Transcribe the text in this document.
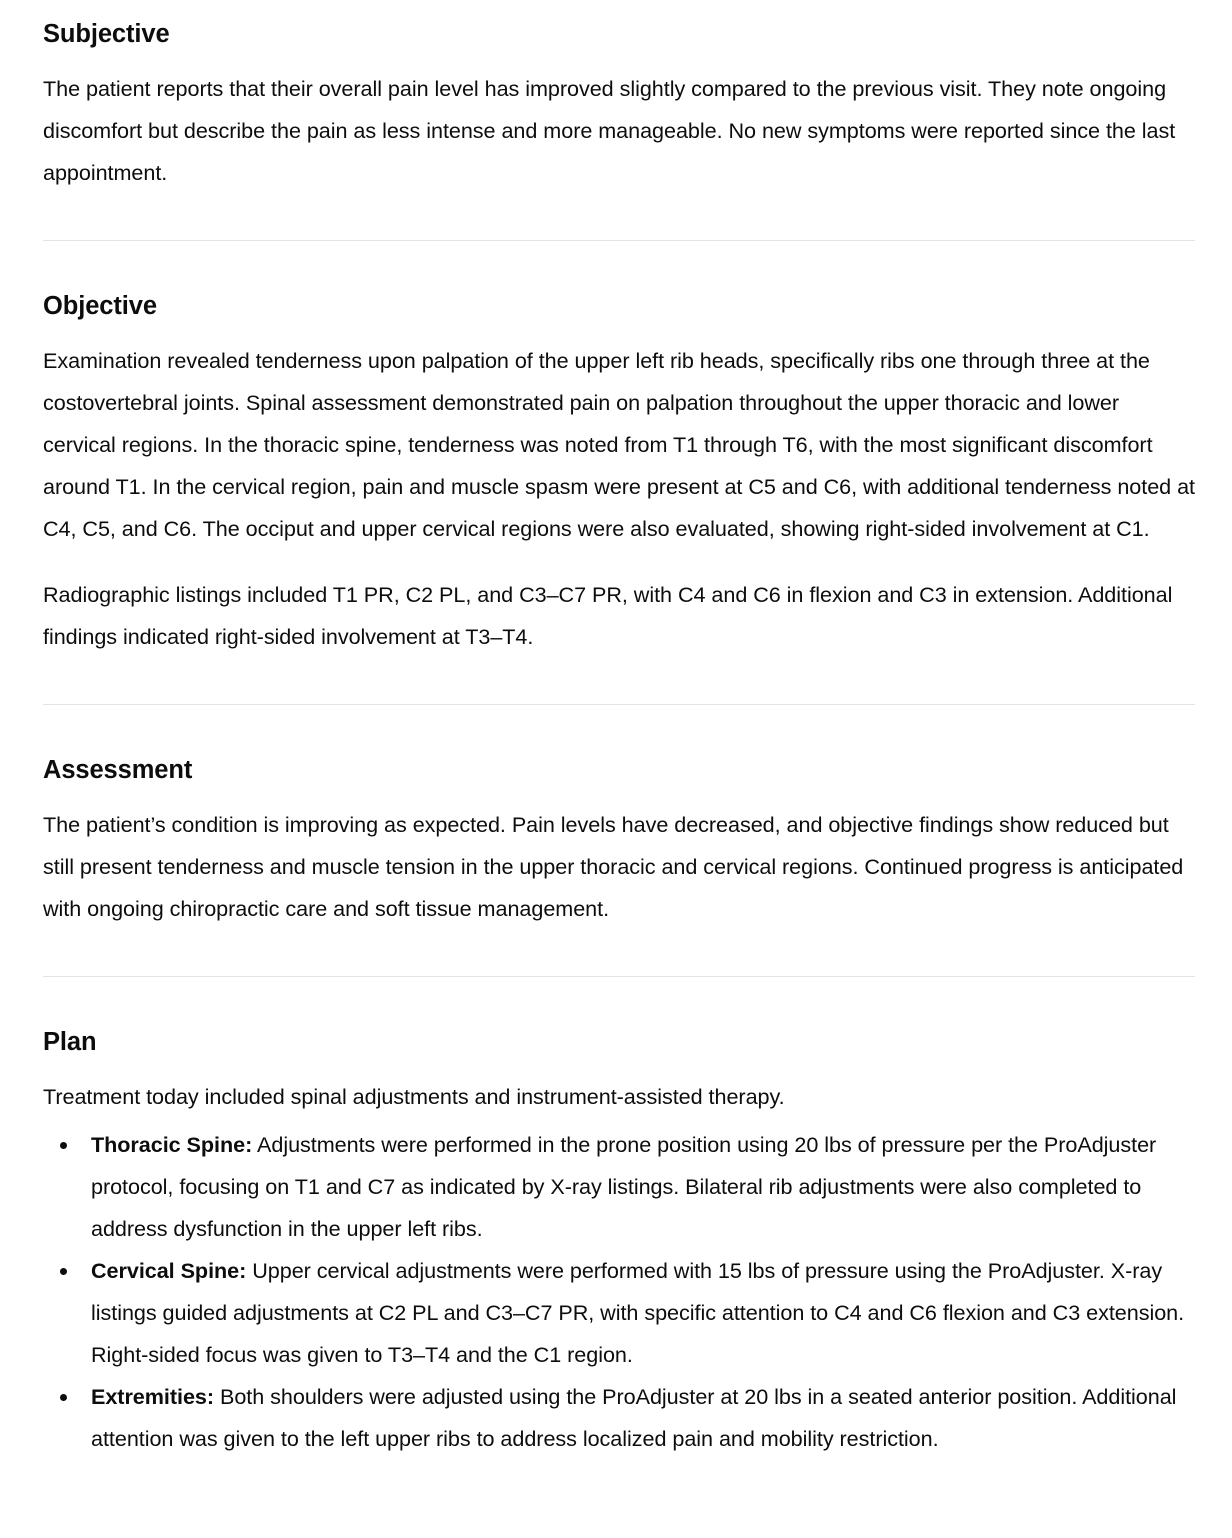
Subjective

The patient reports that their overall pain level has improved slightly compared to the previous visit. They note ongoing discomfort but describe the pain as less intense and more manageable. No new symptoms were reported since the last appointment.

Objective

Examination revealed tenderness upon palpation of the upper left rib heads, specifically ribs one through three at the costovertebral joints. Spinal assessment demonstrated pain on palpation throughout the upper thoracic and lower cervical regions. In the thoracic spine, tenderness was noted from T1 through T6, with the most significant discomfort around T1. In the cervical region, pain and muscle spasm were present at C5 and C6, with additional tenderness noted at C4, C5, and C6. The occiput and upper cervical regions were also evaluated, showing right-sided involvement at C1.

Radiographic listings included T1 PR, C2 PL, and C3–C7 PR, with C4 and C6 in flexion and C3 in extension. Additional findings indicated right-sided involvement at T3–T4.

Assessment

The patient’s condition is improving as expected. Pain levels have decreased, and objective findings show reduced but still present tenderness and muscle tension in the upper thoracic and cervical regions. Continued progress is anticipated with ongoing chiropractic care and soft tissue management.

Plan

Treatment today included spinal adjustments and instrument-assisted therapy.

Thoracic Spine: Adjustments were performed in the prone position using 20 lbs of pressure per the ProAdjuster protocol, focusing on T1 and C7 as indicated by X-ray listings. Bilateral rib adjustments were also completed to address dysfunction in the upper left ribs.
Cervical Spine: Upper cervical adjustments were performed with 15 lbs of pressure using the ProAdjuster. X-ray listings guided adjustments at C2 PL and C3–C7 PR, with specific attention to C4 and C6 flexion and C3 extension. Right-sided focus was given to T3–T4 and the C1 region.
Extremities: Both shoulders were adjusted using the ProAdjuster at 20 lbs in a seated anterior position. Additional attention was given to the left upper ribs to address localized pain and mobility restriction.
